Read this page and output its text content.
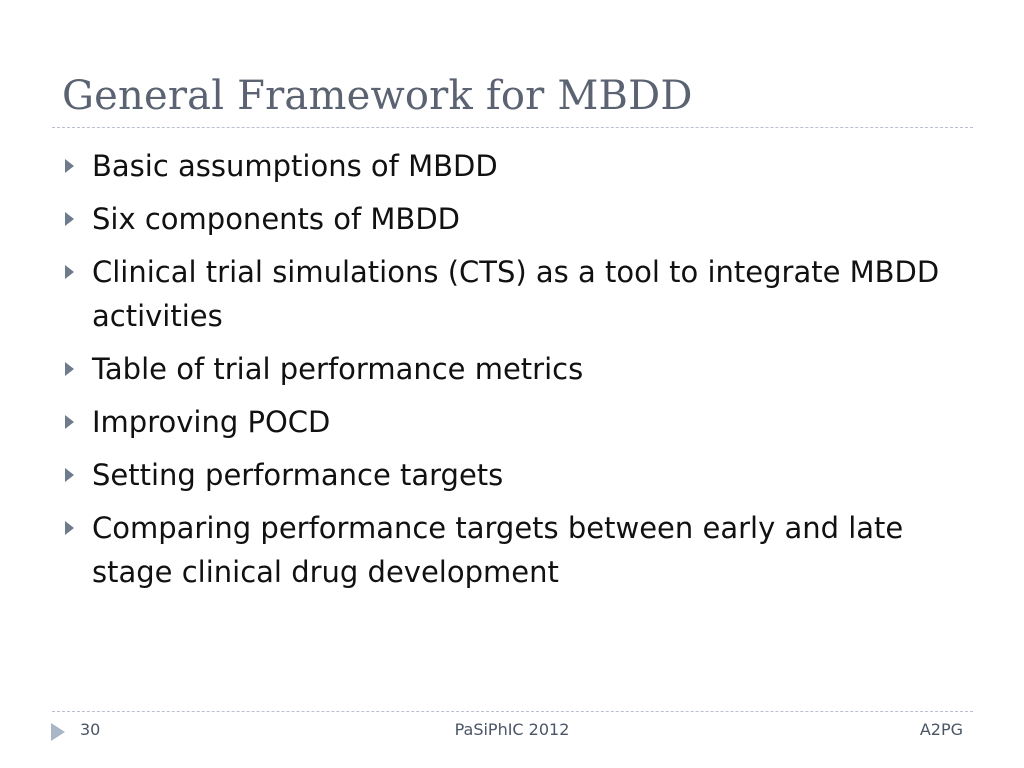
General Framework for MBDD
Basic assumptions of MBDD
Six components of MBDD
Clinical trial simulations (CTS) as a tool to integrate MBDD activities
Table of trial performance metrics
Improving POCD
Setting performance targets
Comparing performance targets between early and late stage clinical drug development
30	PaSiPhIC 2012	A2PG
